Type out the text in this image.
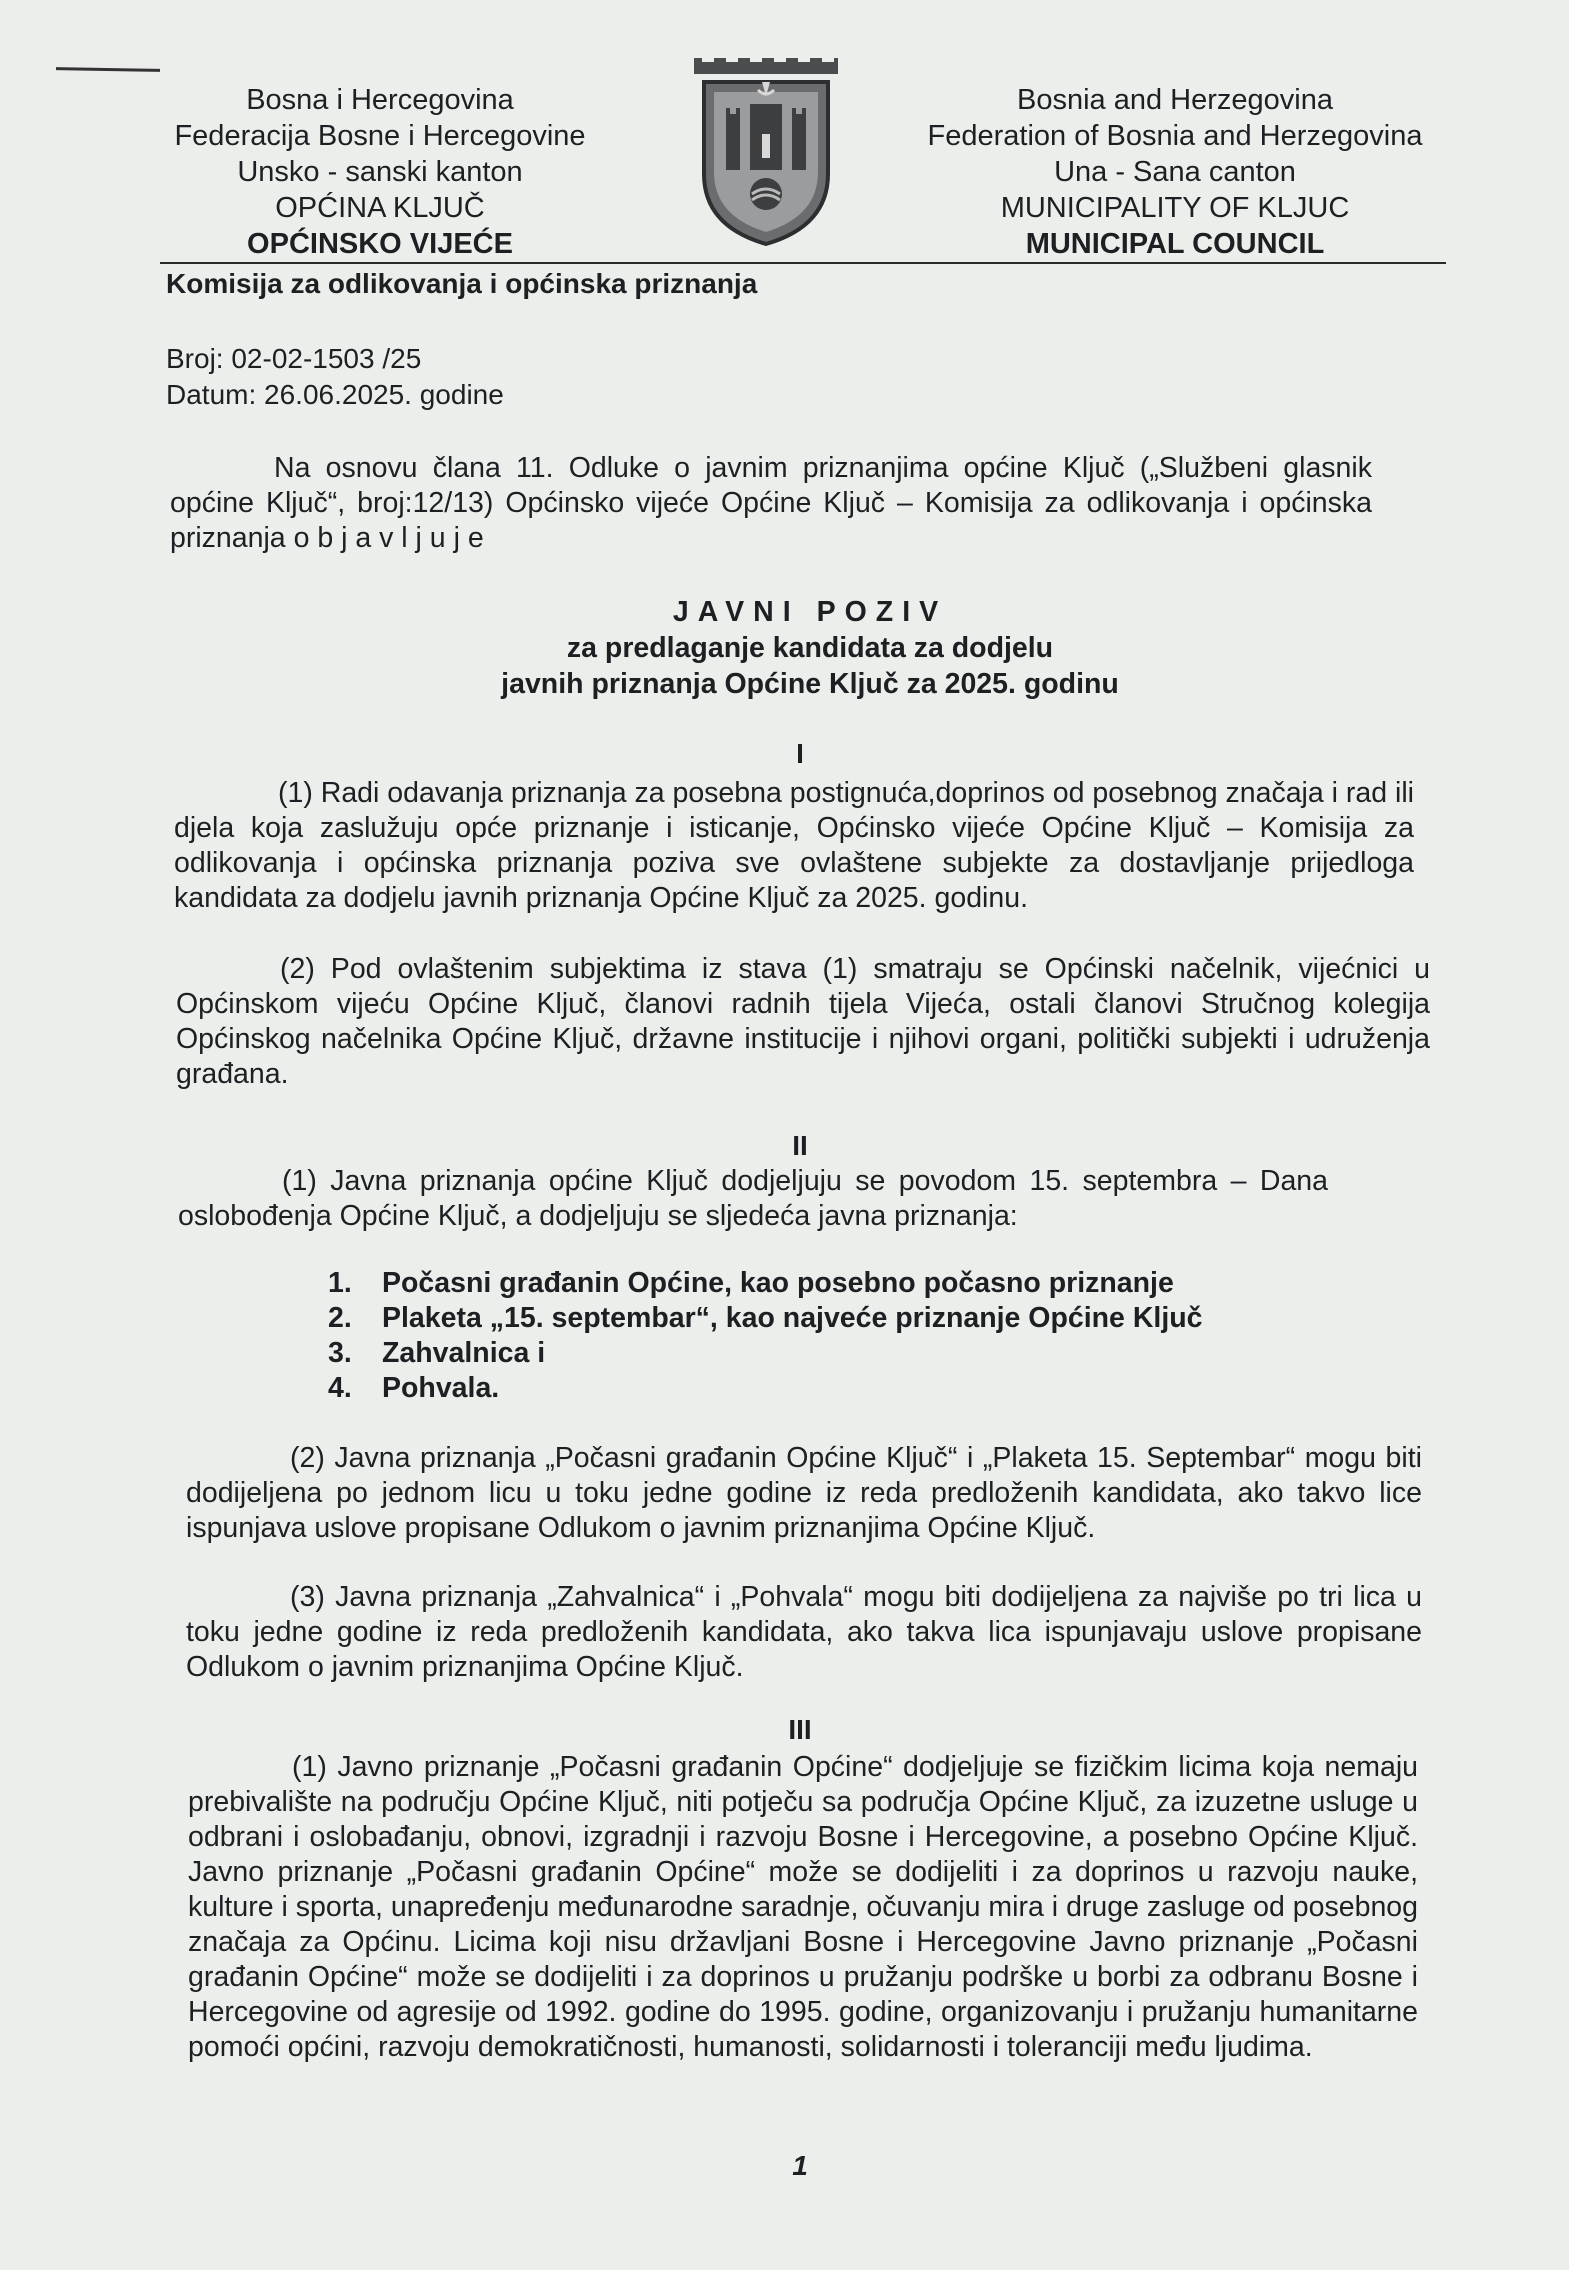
Bosna i Hercegovina
Federacija Bosne i Hercegovine
Unsko - sanski kanton
OPĆINA KLJUČ
OPĆINSKO VIJEĆE
Bosnia and Herzegovina
Federation of Bosnia and Herzegovina
Una - Sana canton
MUNICIPALITY OF KLJUC
MUNICIPAL COUNCIL
Komisija za odlikovanja i općinska priznanja
Broj: 02-02-1503 /25
Datum: 26.06.2025. godine
Na osnovu člana 11. Odluke o javnim priznanjima općine Ključ („Službeni glasnik općine Ključ“, broj:12/13) Općinsko vijeće Općine Ključ – Komisija za odlikovanja i općinska priznanja o b j a v l j u j e
JAVNI POZIV
za predlaganje kandidata za dodjelu
javnih priznanja Općine Ključ za 2025. godinu
I
(1) Radi odavanja priznanja za posebna postignuća,doprinos od posebnog značaja i rad ili djela koja zaslužuju opće priznanje i isticanje, Općinsko vijeće Općine Ključ – Komisija za odlikovanja i općinska priznanja poziva sve ovlaštene subjekte za dostavljanje prijedloga kandidata za dodjelu javnih priznanja Općine Ključ za 2025. godinu.
(2) Pod ovlaštenim subjektima iz stava (1) smatraju se Općinski načelnik, vijećnici u Općinskom vijeću Općine Ključ, članovi radnih tijela Vijeća, ostali članovi Stručnog kolegija Općinskog načelnika Općine Ključ, državne institucije i njihovi organi, politički subjekti i udruženja građana.
II
(1) Javna priznanja općine Ključ dodjeljuju se povodom 15. septembra – Dana oslobođenja Općine Ključ, a dodjeljuju se sljedeća javna priznanja:
1. Počasni građanin Općine, kao posebno počasno priznanje
2. Plaketa „15. septembar“, kao najveće priznanje Općine Ključ
3. Zahvalnica i
4. Pohvala.
(2) Javna priznanja „Počasni građanin Općine Ključ“ i „Plaketa 15. Septembar“ mogu biti dodijeljena po jednom licu u toku jedne godine iz reda predloženih kandidata, ako takvo lice ispunjava uslove propisane Odlukom o javnim priznanjima Općine Ključ.
(3) Javna priznanja „Zahvalnica“ i „Pohvala“ mogu biti dodijeljena za najviše po tri lica u toku jedne godine iz reda predloženih kandidata, ako takva lica ispunjavaju uslove propisane Odlukom o javnim priznanjima Općine Ključ.
III
(1) Javno priznanje „Počasni građanin Općine“ dodjeljuje se fizičkim licima koja nemaju prebivalište na području Općine Ključ, niti potječu sa područja Općine Ključ, za izuzetne usluge u odbrani i oslobađanju, obnovi, izgradnji i razvoju Bosne i Hercegovine, a posebno Općine Ključ. Javno priznanje „Počasni građanin Općine“ može se dodijeliti i za doprinos u razvoju nauke, kulture i sporta, unapređenju međunarodne saradnje, očuvanju mira i druge zasluge od posebnog značaja za Općinu. Licima koji nisu državljani Bosne i Hercegovine Javno priznanje „Počasni građanin Općine“ može se dodijeliti i za doprinos u pružanju podrške u borbi za odbranu Bosne i Hercegovine od agresije od 1992. godine do 1995. godine, organizovanju i pružanju humanitarne pomoći općini, razvoju demokratičnosti, humanosti, solidarnosti i toleranciji među ljudima.
1
